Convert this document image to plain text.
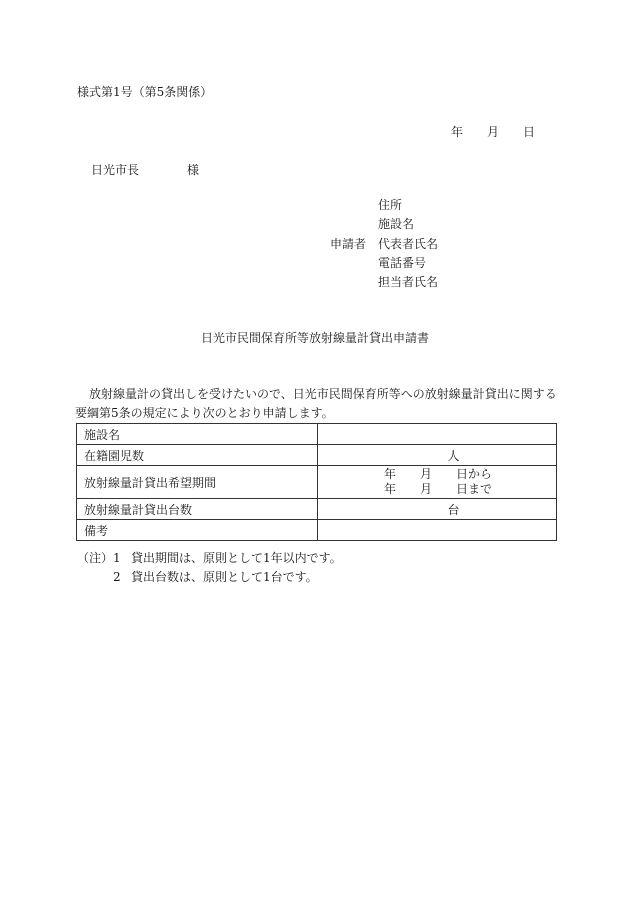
様式第1号（第5条関係）
年 月 日
日光市長	様
住所
施設名
申請者 代表者氏名
電話番号
担当者氏名
日光市民間保育所等放射線量計貸出申請書
放射線量計の貸出しを受けたいので、日光市民間保育所等への放射線量計貸出に関する要綱第5条の規定により次のとおり申請します。
施設名	
在籍園児数	人
放射線量計貸出希望期間	年　　月　　日から
年　　月　　日まで

放射線量計貸出台数	台
備考	
（注） 1 貸出期間は、原則として1年以内です。
2 貸出台数は、原則として1台です。
